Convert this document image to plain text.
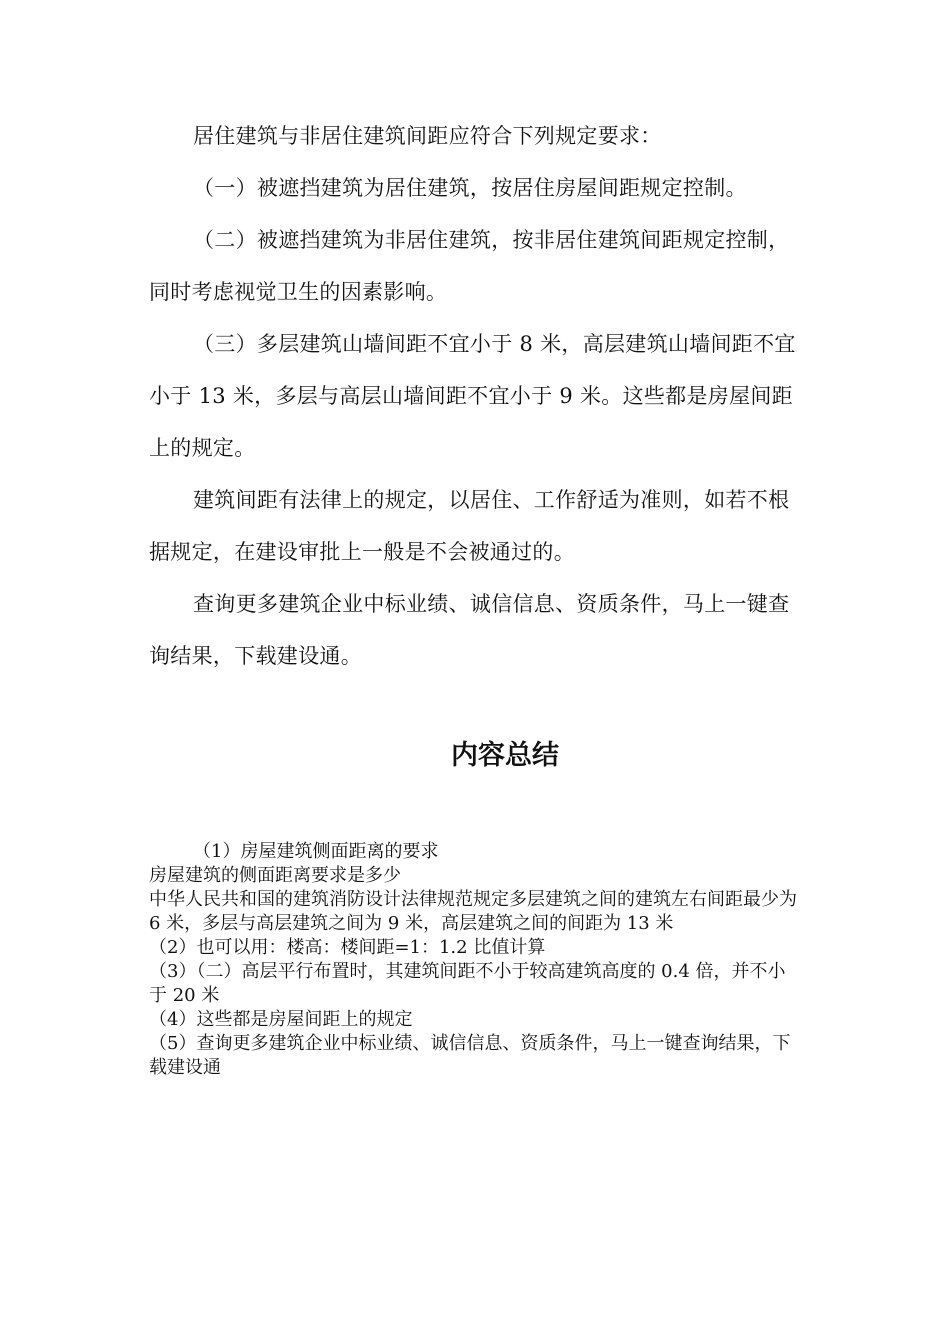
居住建筑与非居住建筑间距应符合下列规定要求：

（一）被遮挡建筑为居住建筑，按居住房屋间距规定控制。

（二）被遮挡建筑为非居住建筑，按非居住建筑间距规定控制，同时考虑视觉卫生的因素影响。

（三）多层建筑山墙间距不宜小于 8 米，高层建筑山墙间距不宜小于 13 米，多层与高层山墙间距不宜小于 9 米。这些都是房屋间距上的规定。

建筑间距有法律上的规定，以居住、工作舒适为准则，如若不根据规定，在建设审批上一般是不会被通过的。

查询更多建筑企业中标业绩、诚信信息、资质条件，马上一键查询结果，下载建设通。

内容总结
（1）房屋建筑侧面距离的要求
房屋建筑的侧面距离要求是多少
中华人民共和国的建筑消防设计法律规范规定多层建筑之间的建筑左右间距最少为 6 米，多层与高层建筑之间为 9 米，高层建筑之间的间距为 13 米
（2）也可以用：楼高：楼间距=1：1.2 比值计算
（3）（二）高层平行布置时，其建筑间距不小于较高建筑高度的 0.4 倍，并不小于 20 米
（4）这些都是房屋间距上的规定
（5）查询更多建筑企业中标业绩、诚信信息、资质条件，马上一键查询结果，下载建设通
